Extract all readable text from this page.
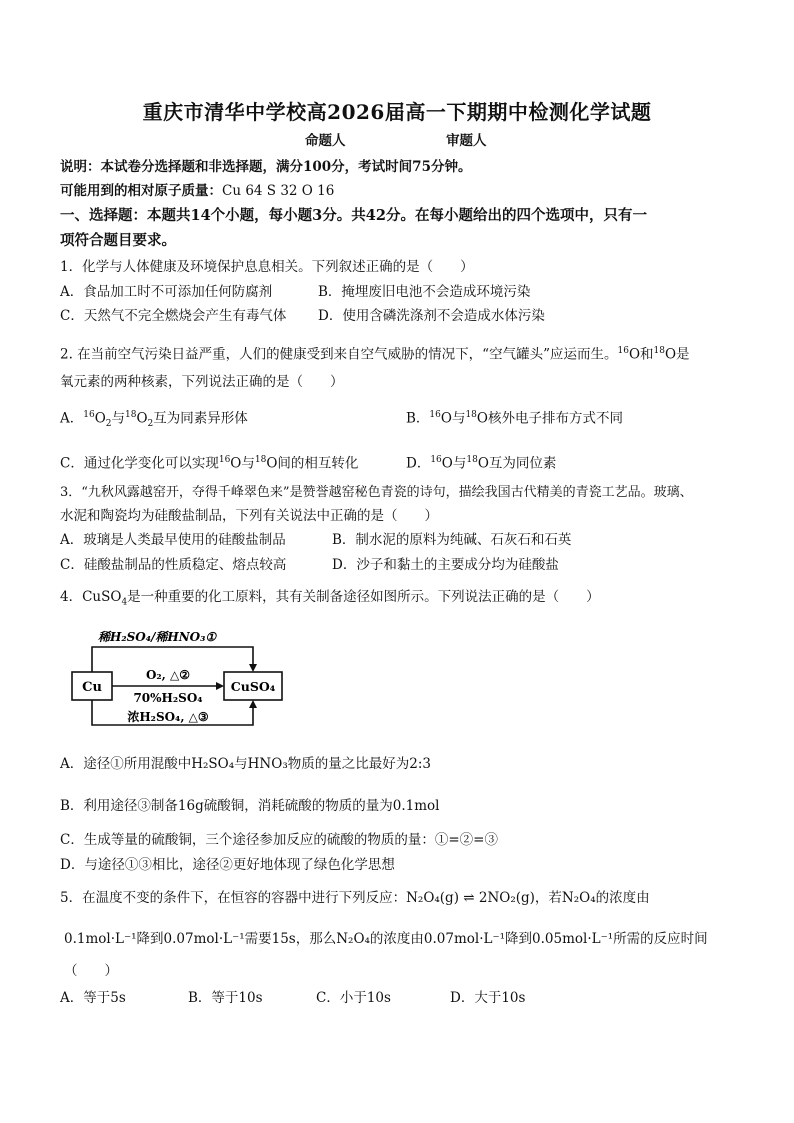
重庆市清华中学校高2026届高一下期期中检测化学试题
命题人	审题人
说明：本试卷分选择题和非选择题，满分100分，考试时间75分钟。
可能用到的相对原子质量：Cu 64 S 32 O 16
一、选择题：本题共14个小题，每小题3分。共42分。在每小题给出的四个选项中，只有一
项符合题目要求。
1．化学与人体健康及环境保护息息相关。下列叙述正确的是（　　）
A．食品加工时不可添加任何防腐剂	B．掩埋废旧电池不会造成环境污染
C．天然气不完全燃烧会产生有毒气体 D．使用含磷洗涤剂不会造成水体污染
2. 在当前空气污染日益严重，人们的健康受到来自空气威胁的情况下，“空气罐头”应运而生。$^{16}$O和$^{18}$O是
氧元素的两种核素，下列说法正确的是（　　）
A．$^{16}O_2$与$^{18}O_2$互为同素异形体	B．$^{16}$O与$^{18}$O核外电子排布方式不同
C．通过化学变化可以实现$^{16}$O与$^{18}$O间的相互转化	D．$^{16}$O与$^{18}$O互为同位素
3．“九秋风露越窑开，夺得千峰翠色来”是赞誉越窑秘色青瓷的诗句，描绘我国古代精美的青瓷工艺品。玻璃、
水泥和陶瓷均为硅酸盐制品，下列有关说法中正确的是（　　）
A．玻璃是人类最早使用的硅酸盐制品	B．制水泥的原料为纯碱、石灰石和石英
C．硅酸盐制品的性质稳定、熔点较高	D．沙子和黏土的主要成分均为硅酸盐
4．CuSO$_4$是一种重要的化工原料，其有关制备途径如图所示。下列说法正确的是（　　）
Cu	CuSO₄
稀H₂SO₄/稀HNO₃①
O₂, △②
70%H₂SO₄
浓H₂SO₄, △③
A．途径①所用混酸中H₂SO₄与HNO₃物质的量之比最好为2:3
B．利用途径③制备16g硫酸铜，消耗硫酸的物质的量为0.1mol
C．生成等量的硫酸铜，三个途径参加反应的硫酸的物质的量：①=②=③
D．与途径①③相比，途径②更好地体现了绿色化学思想
5．在温度不变的条件下，在恒容的容器中进行下列反应：N₂O₄(g) ⇌ 2NO₂(g)，若N₂O₄的浓度由
0.1mol·L⁻¹降到0.07mol·L⁻¹需要15s，那么N₂O₄的浓度由0.07mol·L⁻¹降到0.05mol·L⁻¹所需的反应时间
（　　）
A．等于5s	B．等于10s	C．小于10s	D．大于10s
